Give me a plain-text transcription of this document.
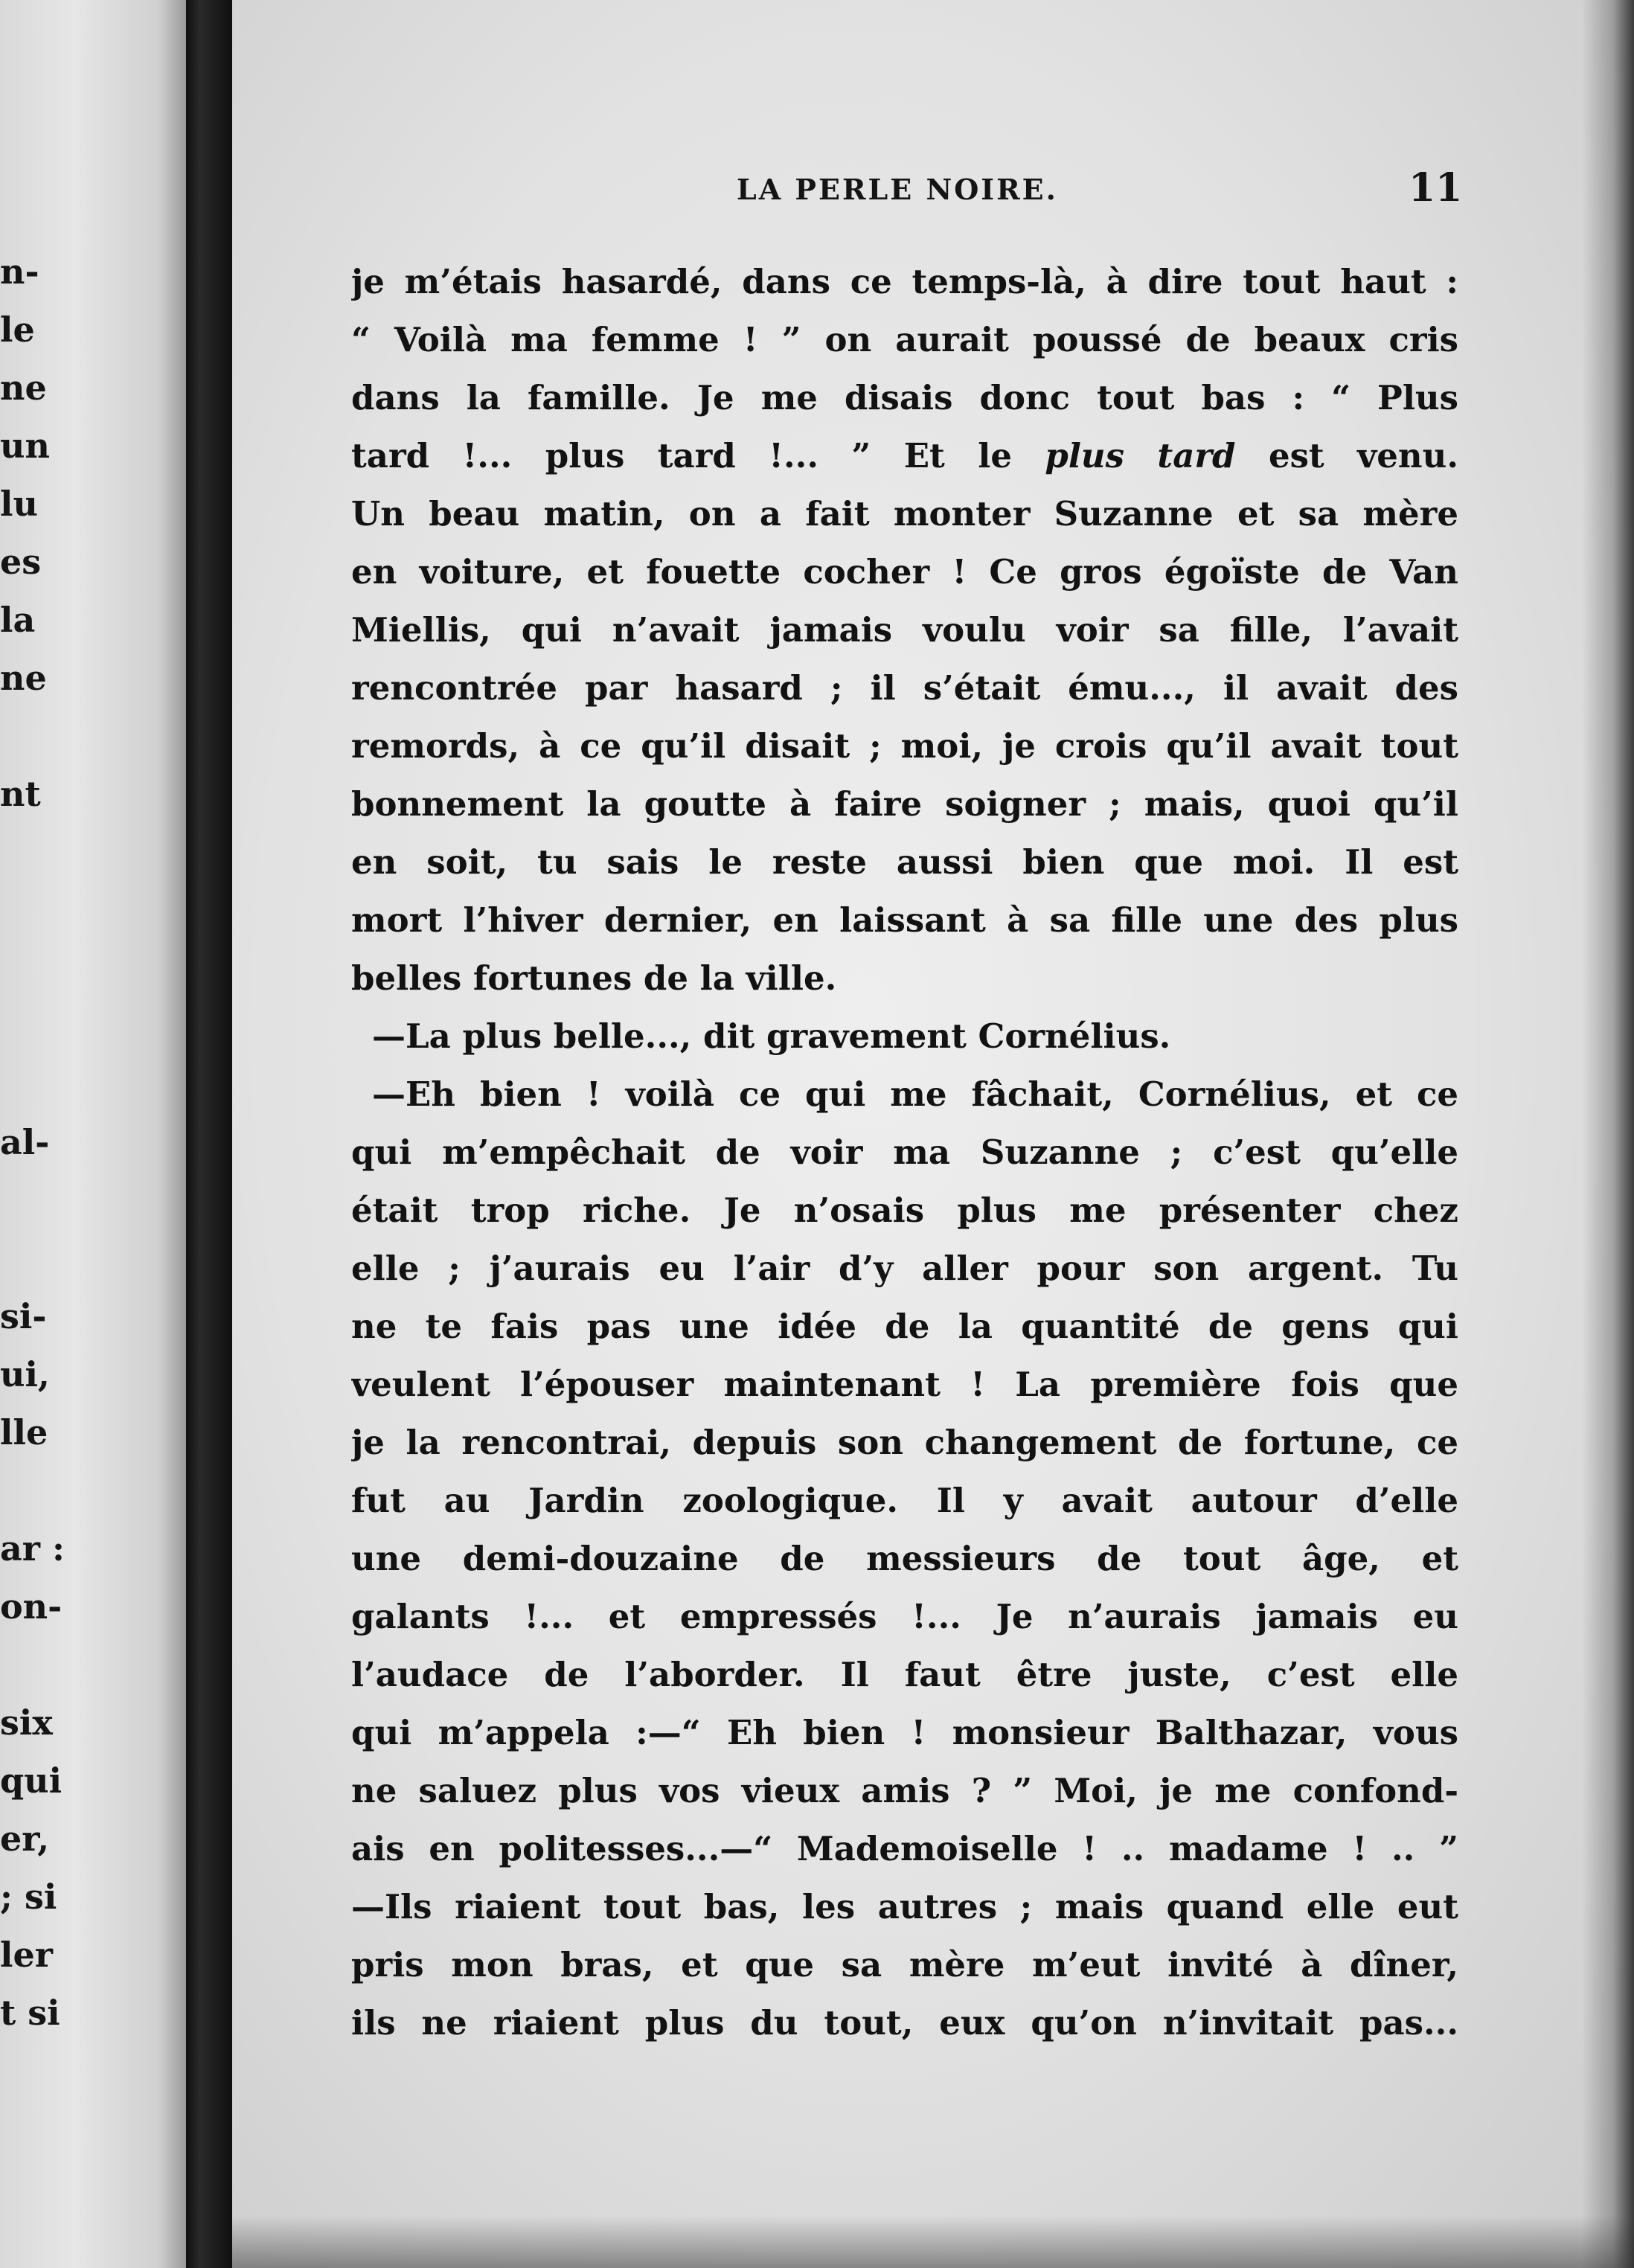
n-
le
ne
un
lu
es
la
ne
nt
al-
si-
ui,
lle
ar :
on-
six
qui
er,
; si
ler
t si
LA PERLE NOIRE.	11
je m’étais hasardé, dans ce temps-là, à dire tout haut :
“ Voilà ma femme ! ” on aurait poussé de beaux cris
dans la famille. Je me disais donc tout bas : “ Plus
tard !... plus tard !... ” Et le plus tard est venu.
Un beau matin, on a fait monter Suzanne et sa mère
en voiture, et fouette cocher ! Ce gros égoïste de Van
Miellis, qui n’avait jamais voulu voir sa fille, l’avait
rencontrée par hasard ; il s’était ému..., il avait des
remords, à ce qu’il disait ; moi, je crois qu’il avait tout
bonnement la goutte à faire soigner ; mais, quoi qu’il
en soit, tu sais le reste aussi bien que moi. Il est
mort l’hiver dernier, en laissant à sa fille une des plus
belles fortunes de la ville.
—La plus belle..., dit gravement Cornélius.
—Eh bien ! voilà ce qui me fâchait, Cornélius, et ce
qui m’empêchait de voir ma Suzanne ; c’est qu’elle
était trop riche. Je n’osais plus me présenter chez
elle ; j’aurais eu l’air d’y aller pour son argent. Tu
ne te fais pas une idée de la quantité de gens qui
veulent l’épouser maintenant ! La première fois que
je la rencontrai, depuis son changement de fortune, ce
fut au Jardin zoologique. Il y avait autour d’elle
une demi-douzaine de messieurs de tout âge, et
galants !... et empressés !... Je n’aurais jamais eu
l’audace de l’aborder. Il faut être juste, c’est elle
qui m’appela :—“ Eh bien ! monsieur Balthazar, vous
ne saluez plus vos vieux amis ? ” Moi, je me confond-
ais en politesses...—“ Mademoiselle ! .. madame ! .. ”
—Ils riaient tout bas, les autres ; mais quand elle eut
pris mon bras, et que sa mère m’eut invité à dîner,
ils ne riaient plus du tout, eux qu’on n’invitait pas...
